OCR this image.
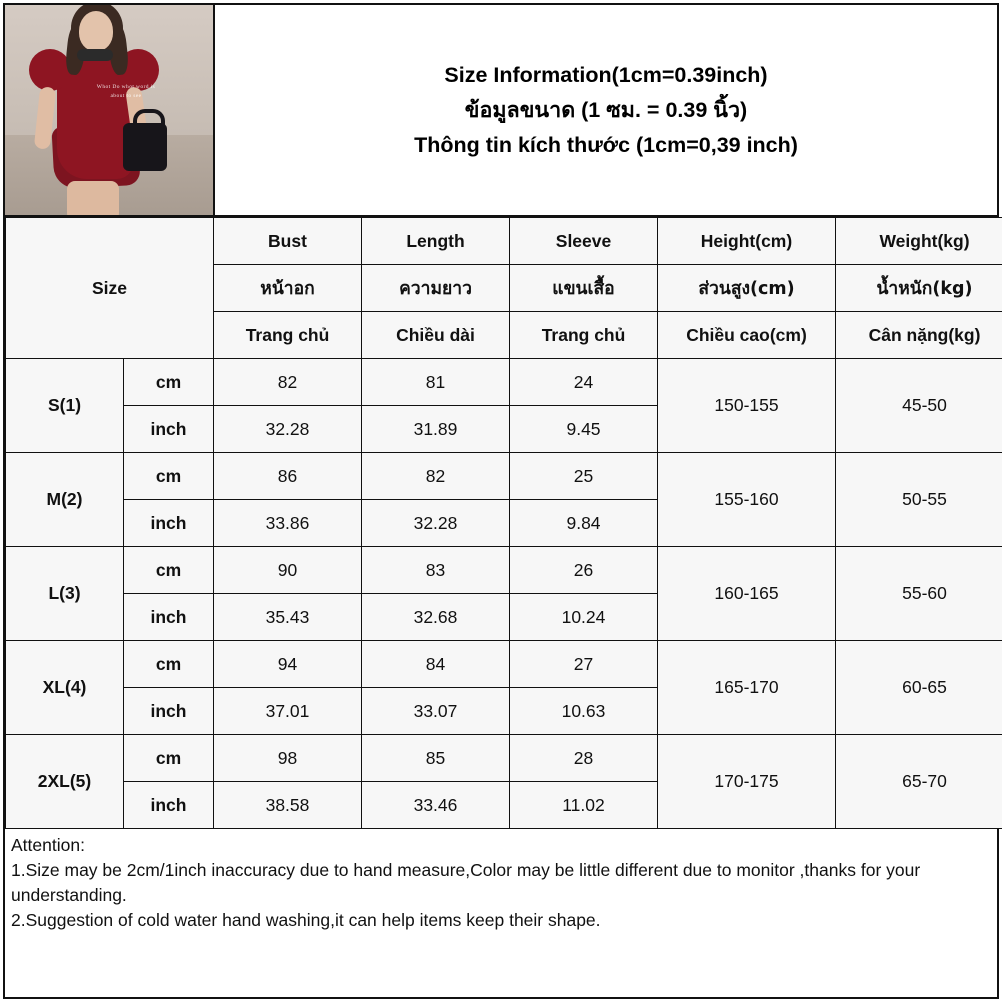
Whot Do whot word is about to see
Size Information(1cm=0.39inch)
ข้อมูลขนาด (1 ซม. = 0.39 นิ้ว)
Thông tin kích thước (1cm=0,39 inch)
Size		Bust	Length	Sleeve	Height(cm)	Weight(kg)
		หน้าอก	ความยาว	แขนเสื้อ	ส่วนสูง(cm)	น้ำหนัก(kg)
		Trang chủ	Chiều dài	Trang chủ	Chiều cao(cm)	Cân nặng(kg)
S(1)	cm	82	81	24	150-155	45-50
	inch	32.28	31.89	9.45		
M(2)	cm	86	82	25	155-160	50-55
	inch	33.86	32.28	9.84		
L(3)	cm	90	83	26	160-165	55-60
	inch	35.43	32.68	10.24		
XL(4)	cm	94	84	27	165-170	60-65
	inch	37.01	33.07	10.63		
2XL(5)	cm	98	85	28	170-175	65-70
	inch	38.58	33.46	11.02		

Attention:

1.Size may be 2cm/1inch inaccuracy due to hand measure,Color may be little different due to monitor ,thanks for your understanding.

2.Suggestion of cold water hand washing,it can help items keep their shape.
